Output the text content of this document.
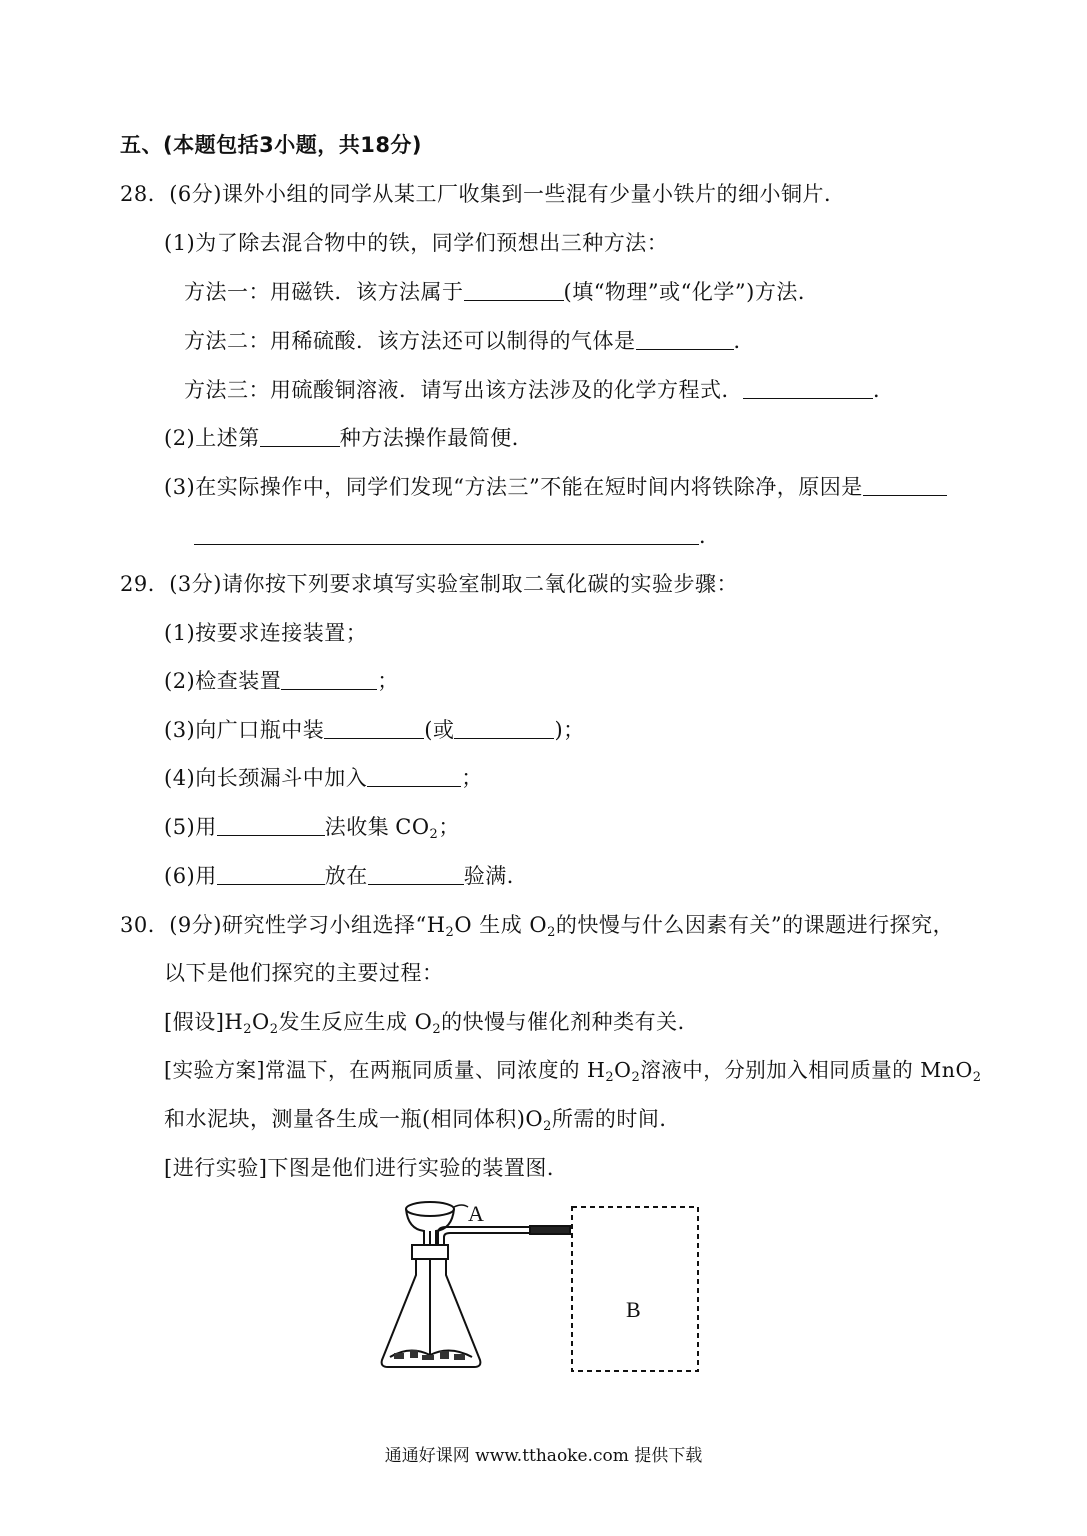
五、(本题包括3小题，共18分)
28．(6分)课外小组的同学从某工厂收集到一些混有少量小铁片的细小铜片．
(1)为了除去混合物中的铁，同学们预想出三种方法：
方法一：用磁铁．该方法属于	(填“物理”或“化学”)方法．
方法二：用稀硫酸．该方法还可以制得的气体是	．
方法三：用硫酸铜溶液．请写出该方法涉及的化学方程式．	．
(2)上述第	种方法操作最简便．
(3)在实际操作中，同学们发现“方法三”不能在短时间内将铁除净，原因是
．
29．(3分)请你按下列要求填写实验室制取二氧化碳的实验步骤：
(1)按要求连接装置；
(2)检查装置	；
(3)向广口瓶中装	(或	)；
(4)向长颈漏斗中加入	；
(5)用	法收集 $CO_2$；
(6)用	放在	验满．
30．(9分)研究性学习小组选择“$H_2O$ 生成 $O_2$的快慢与什么因素有关”的课题进行探究，
以下是他们探究的主要过程：
[假设]$H_2O_2$发生反应生成 $O_2$的快慢与催化剂种类有关．
[实验方案]常温下，在两瓶同质量、同浓度的 $H_2O_2$溶液中，分别加入相同质量的 MnO$_2$
和水泥块，测量各生成一瓶(相同体积)$O_2$所需的时间．
[进行实验]下图是他们进行实验的装置图．
A
B
通通好课网 www.tthaoke.com 提供下载
